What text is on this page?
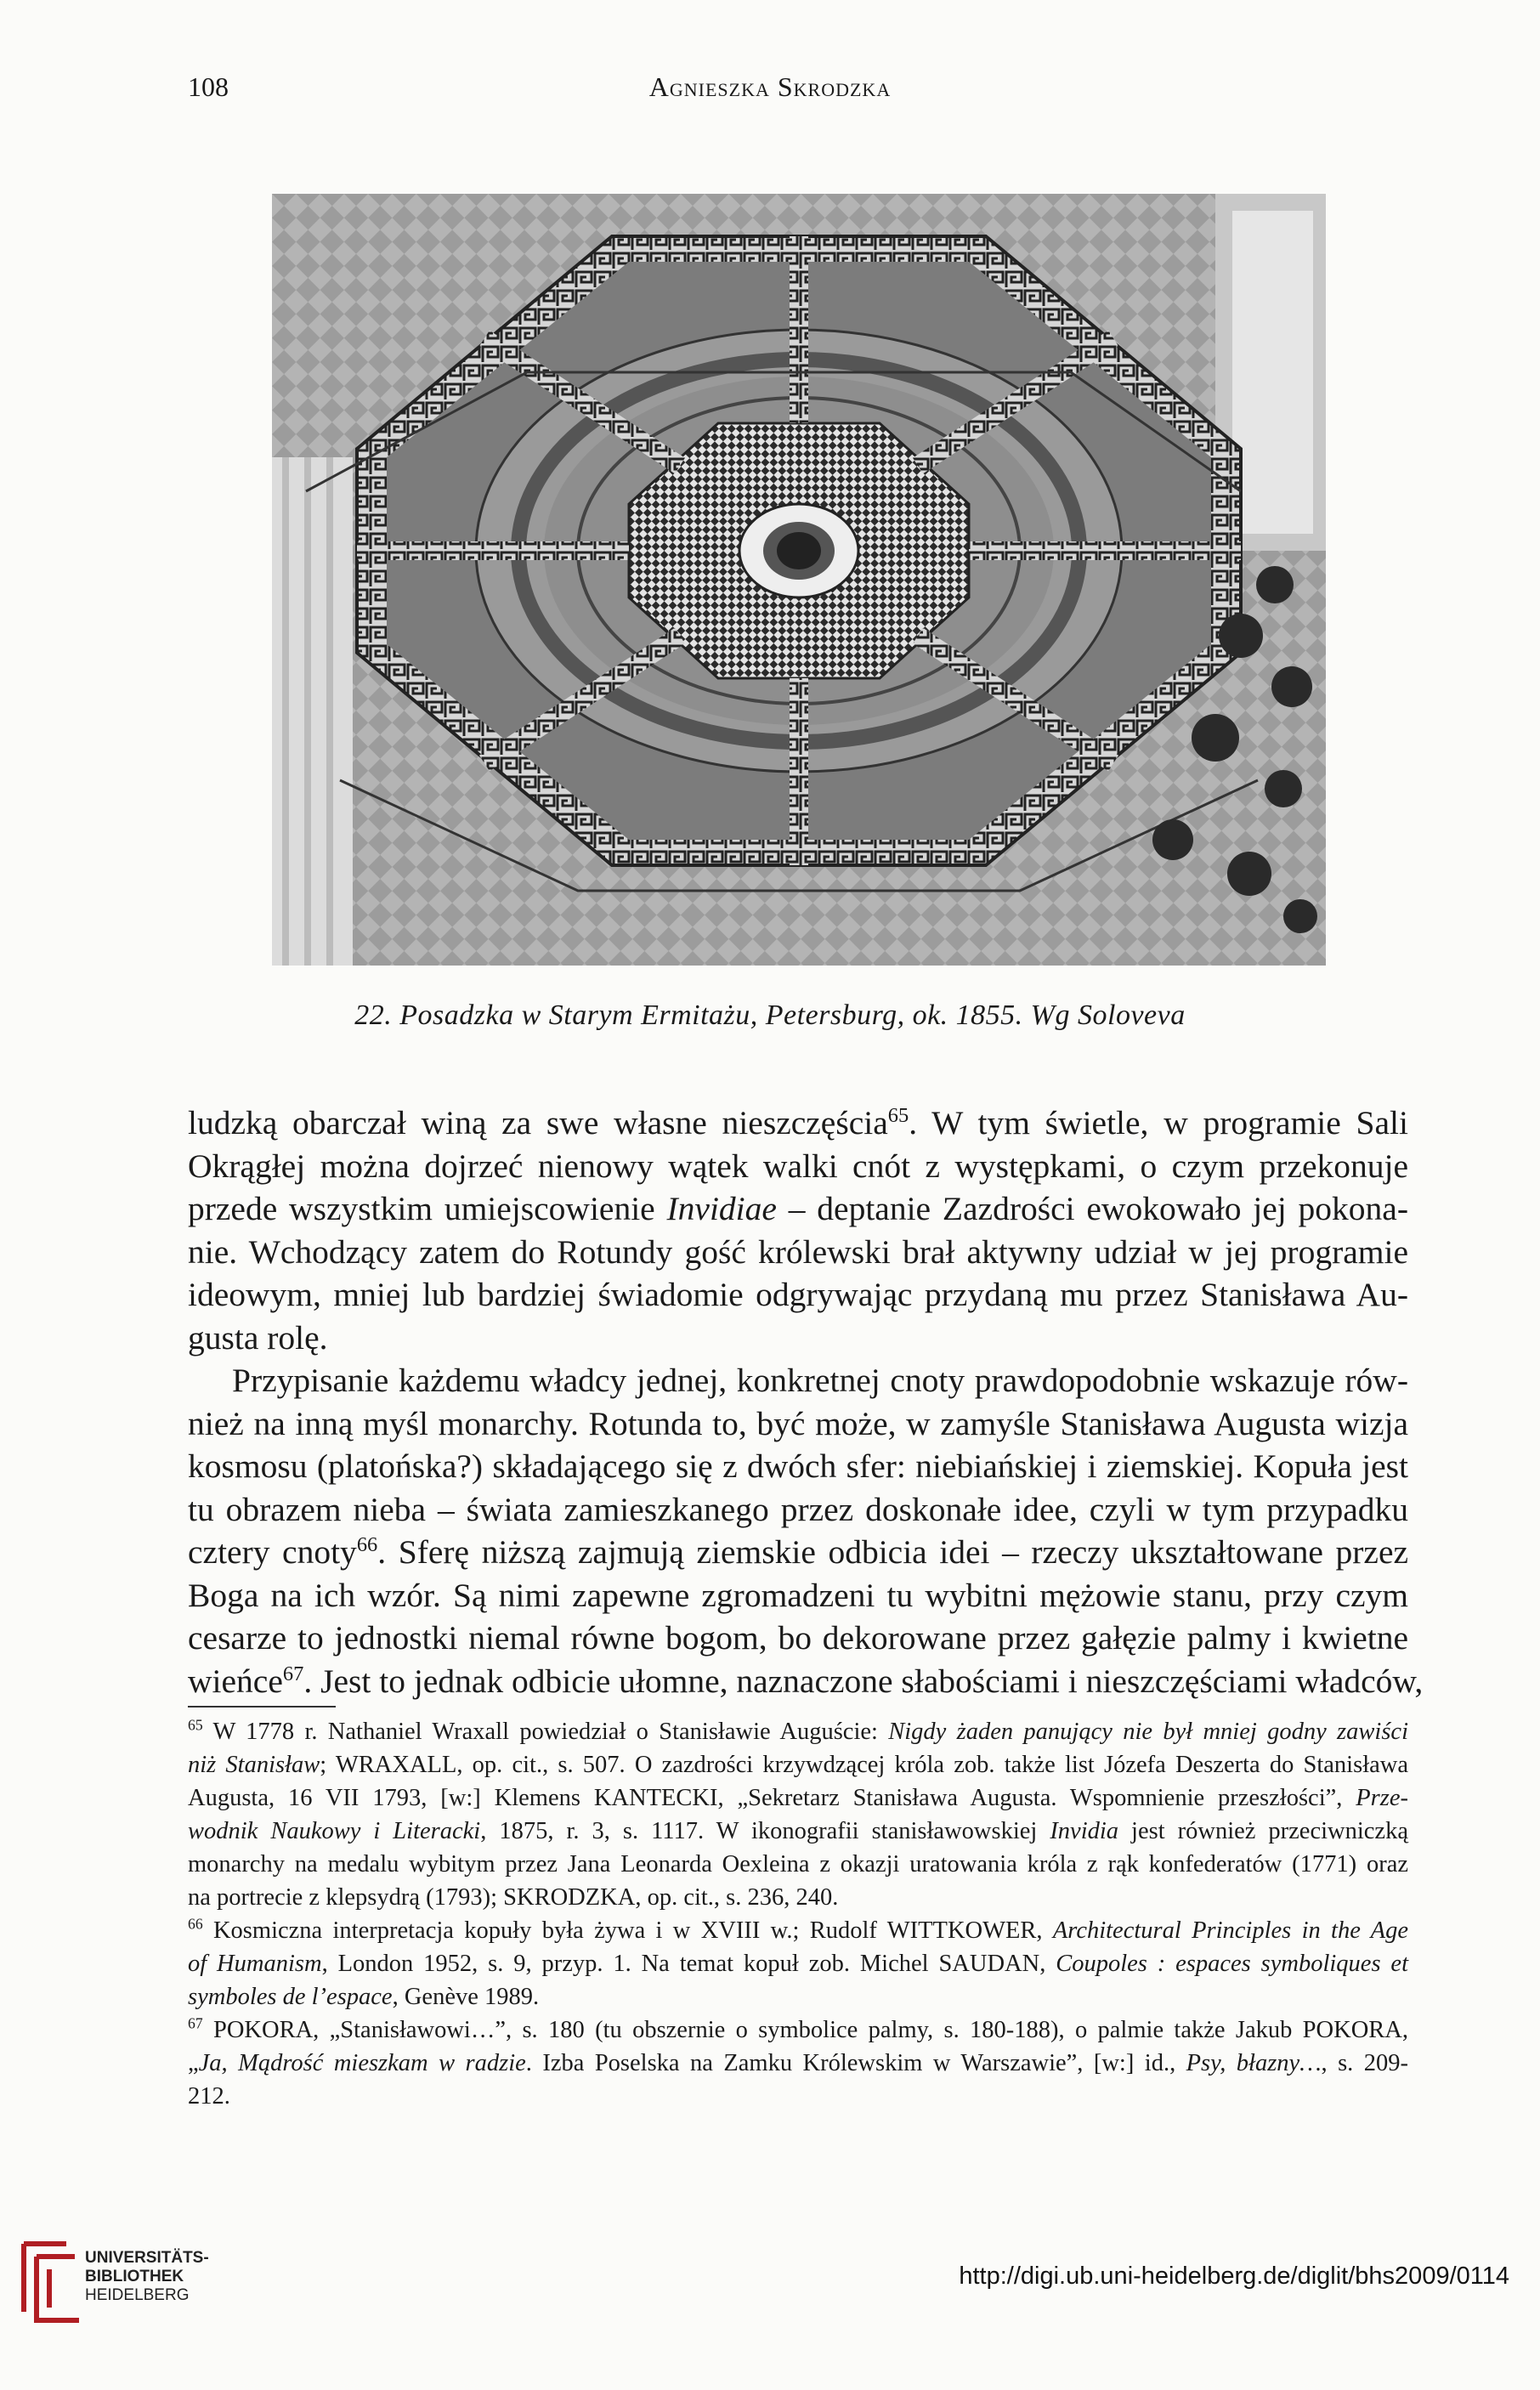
108	Agnieszka Skrodzka
22. Posadzka w Starym Ermitażu, Petersburg, ok. 1855. Wg Soloveva

ludzką obarczał winą za swe własne nieszczęścia$^{65}$. W tym świetle, w programie Sali
Okrągłej można dojrzeć nienowy wątek walki cnót z występkami, o czym przekonuje
przede wszystkim umiejscowienie Invidiae – deptanie Zazdrości ewokowało jej pokona-
nie. Wchodzący zatem do Rotundy gość królewski brał aktywny udział w jej programie
ideowym, mniej lub bardziej świadomie odgrywając przydaną mu przez Stanisława Au-
gusta rolę.

Przypisanie każdemu władcy jednej, konkretnej cnoty prawdopodobnie wskazuje rów-
nież na inną myśl monarchy. Rotunda to, być może, w zamyśle Stanisława Augusta wizja
kosmosu (platońska?) składającego się z dwóch sfer: niebiańskiej i ziemskiej. Kopuła jest
tu obrazem nieba – świata zamieszkanego przez doskonałe idee, czyli w tym przypadku
cztery cnoty$^{66}$. Sferę niższą zajmują ziemskie odbicia idei – rzeczy ukształtowane przez
Boga na ich wzór. Są nimi zapewne zgromadzeni tu wybitni mężowie stanu, przy czym
cesarze to jednostki niemal równe bogom, bo dekorowane przez gałęzie palmy i kwietne
wieńce$^{67}$. Jest to jednak odbicie ułomne, naznaczone słabościami i nieszczęściami władców,

$^{65}$ W 1778 r. Nathaniel Wraxall powiedział o Stanisławie Auguście: Nigdy żaden panujący nie był mniej godny zawiści
niż Stanisław; WRAXALL, op. cit., s. 507. O zazdrości krzywdzącej króla zob. także list Józefa Deszerta do Stanisława
Augusta, 16 VII 1793, [w:] Klemens KANTECKI, „Sekretarz Stanisława Augusta. Wspomnienie przeszłości”, Prze-
wodnik Naukowy i Literacki, 1875, r. 3, s. 1117. W ikonografii stanisławowskiej Invidia jest również przeciwniczką
monarchy na medalu wybitym przez Jana Leonarda Oexleina z okazji uratowania króla z rąk konfederatów (1771) oraz
na portrecie z klepsydrą (1793); SKRODZKA, op. cit., s. 236, 240.
$^{66}$ Kosmiczna interpretacja kopuły była żywa i w XVIII w.; Rudolf WITTKOWER, Architectural Principles in the Age
of Humanism, London 1952, s. 9, przyp. 1. Na temat kopuł zob. Michel SAUDAN, Coupoles : espaces symboliques et
symboles de l’espace, Genève 1989.
$^{67}$ POKORA, „Stanisławowi…”, s. 180 (tu obszernie o symbolice palmy, s. 180-188), o palmie także Jakub POKORA,
„Ja, Mądrość mieszkam w radzie. Izba Poselska na Zamku Królewskim w Warszawie”, [w:] id., Psy, błazny…, s. 209-
212.
UNIVERSITÄTS-
BIBLIOTHEK
HEIDELBERG
http://digi.ub.uni-heidelberg.de/diglit/bhs2009/0114
